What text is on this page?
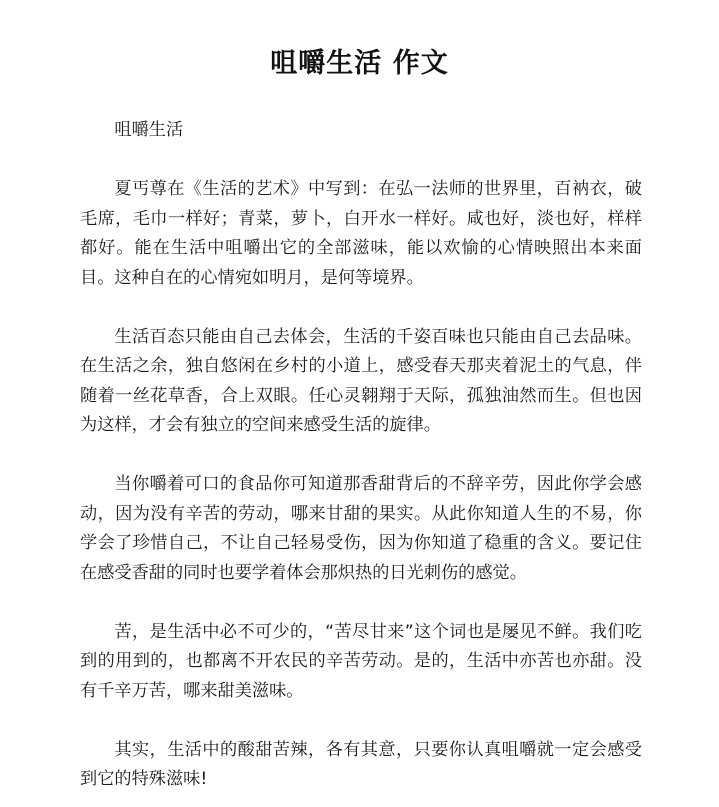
咀嚼生活 作文

咀嚼生活

夏丐尊在《生活的艺术》中写到：在弘一法师的世界里，百衲衣，破毛席，毛巾一样好；青菜，萝卜，白开水一样好。咸也好，淡也好，样样都好。能在生活中咀嚼出它的全部滋味，能以欢愉的心情映照出本来面目。这种自在的心情宛如明月，是何等境界。

生活百态只能由自己去体会，生活的千姿百味也只能由自己去品味。在生活之余，独自悠闲在乡村的小道上，感受春天那夹着泥土的气息，伴随着一丝花草香，合上双眼。任心灵翱翔于天际，孤独油然而生。但也因为这样，才会有独立的空间来感受生活的旋律。

当你嚼着可口的食品你可知道那香甜背后的不辞辛劳，因此你学会感动，因为没有辛苦的劳动，哪来甘甜的果实。从此你知道人生的不易，你学会了珍惜自己，不让自己轻易受伤，因为你知道了稳重的含义。要记住在感受香甜的同时也要学着体会那炽热的日光刺伤的感觉。

苦，是生活中必不可少的，“苦尽甘来”这个词也是屡见不鲜。我们吃到的用到的，也都离不开农民的辛苦劳动。是的，生活中亦苦也亦甜。没有千辛万苦，哪来甜美滋味。

其实，生活中的酸甜苦辣，各有其意，只要你认真咀嚼就一定会感受到它的特殊滋味!
